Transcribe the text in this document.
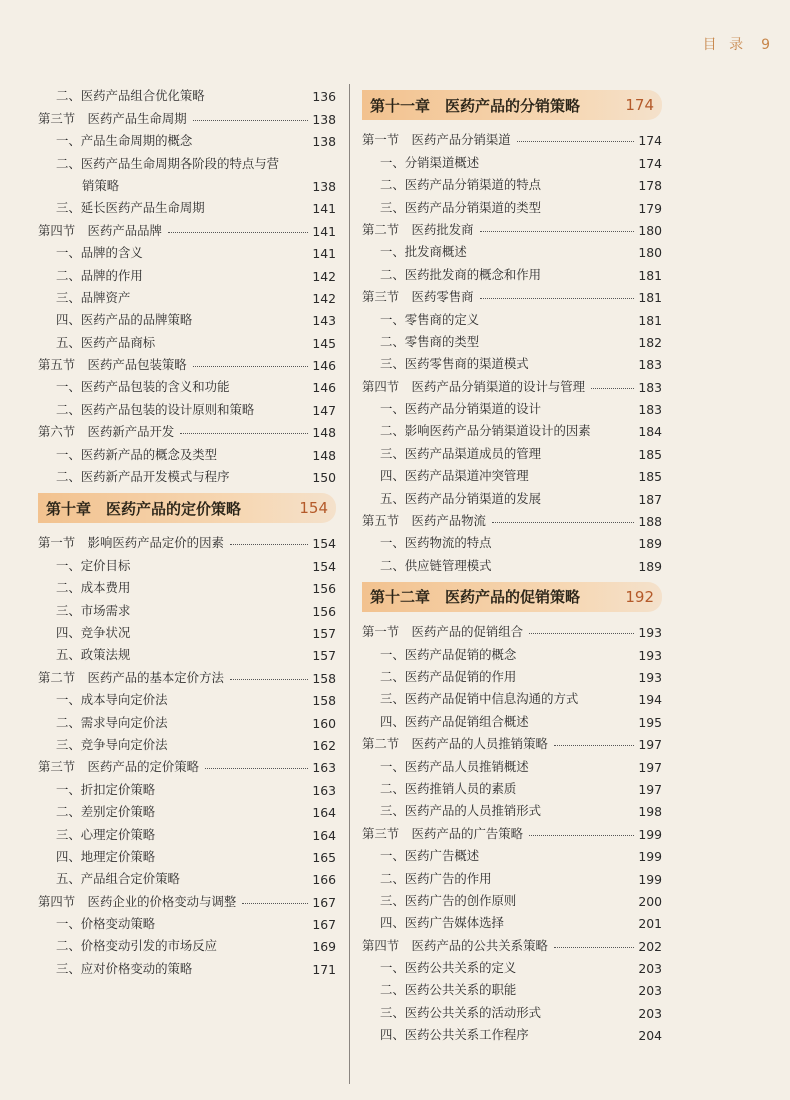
目 录 9
二、医药产品组合优化策略	136
第三节　医药产品生命周期	138
一、产品生命周期的概念	138
二、医药产品生命周期各阶段的特点与营
销策略	138
三、延长医药产品生命周期	141
第四节　医药产品品牌	141
一、品牌的含义	141
二、品牌的作用	142
三、品牌资产	142
四、医药产品的品牌策略	143
五、医药产品商标	145
第五节　医药产品包装策略	146
一、医药产品包装的含义和功能	146
二、医药产品包装的设计原则和策略	147
第六节　医药新产品开发	148
一、医药新产品的概念及类型	148
二、医药新产品开发模式与程序	150
第十章　医药产品的定价策略	154
第一节　影响医药产品定价的因素	154
一、定价目标	154
二、成本费用	156
三、市场需求	156
四、竞争状况	157
五、政策法规	157
第二节　医药产品的基本定价方法	158
一、成本导向定价法	158
二、需求导向定价法	160
三、竞争导向定价法	162
第三节　医药产品的定价策略	163
一、折扣定价策略	163
二、差别定价策略	164
三、心理定价策略	164
四、地理定价策略	165
五、产品组合定价策略	166
第四节　医药企业的价格变动与调整	167
一、价格变动策略	167
二、价格变动引发的市场反应	169
三、应对价格变动的策略	171
第十一章　医药产品的分销策略	174
第一节　医药产品分销渠道	174
一、分销渠道概述	174
二、医药产品分销渠道的特点	178
三、医药产品分销渠道的类型	179
第二节　医药批发商	180
一、批发商概述	180
二、医药批发商的概念和作用	181
第三节　医药零售商	181
一、零售商的定义	181
二、零售商的类型	182
三、医药零售商的渠道模式	183
第四节　医药产品分销渠道的设计与管理	183
一、医药产品分销渠道的设计	183
二、影响医药产品分销渠道设计的因素	184
三、医药产品渠道成员的管理	185
四、医药产品渠道冲突管理	185
五、医药产品分销渠道的发展	187
第五节　医药产品物流	188
一、医药物流的特点	189
二、供应链管理模式	189
第十二章　医药产品的促销策略	192
第一节　医药产品的促销组合	193
一、医药产品促销的概念	193
二、医药产品促销的作用	193
三、医药产品促销中信息沟通的方式	194
四、医药产品促销组合概述	195
第二节　医药产品的人员推销策略	197
一、医药产品人员推销概述	197
二、医药推销人员的素质	197
三、医药产品的人员推销形式	198
第三节　医药产品的广告策略	199
一、医药广告概述	199
二、医药广告的作用	199
三、医药广告的创作原则	200
四、医药广告媒体选择	201
第四节　医药产品的公共关系策略	202
一、医药公共关系的定义	203
二、医药公共关系的职能	203
三、医药公共关系的活动形式	203
四、医药公共关系工作程序	204
